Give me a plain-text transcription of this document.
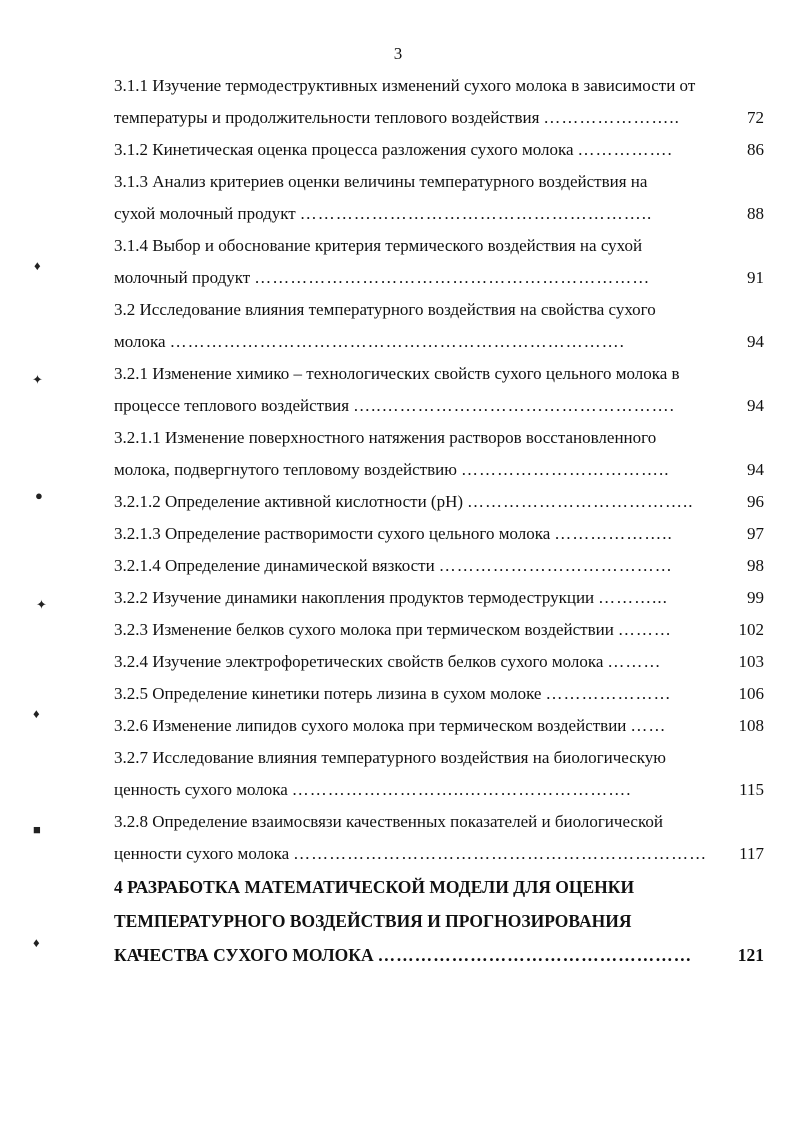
3
3.1.1 Изучение термодеструктивных изменений сухого молока в зависимости от
температуры и продолжительности теплового воздействия …………………..	72
3.1.2 Кинетическая оценка процесса разложения сухого молока …………….	86
3.1.3 Анализ критериев оценки величины температурного воздействия на
сухой молочный продукт …………………………………………………..	88
3.1.4 Выбор и обоснование критерия термического воздействия на сухой
молочный продукт …………………………………………………………	91
3.2 Исследование влияния температурного воздействия на свойства сухого
молока ………………………………………………………………….	94
3.2.1 Изменение химико – технологических свойств сухого цельного молока в
процессе теплового воздействия …..………………………………………….	94
3.2.1.1 Изменение поверхностного натяжения растворов восстановленного
молока, подвергнутого тепловому воздействию ……………………………..	94
3.2.1.2 Определение активной кислотности (pH) ………………………………..	96
3.2.1.3 Определение растворимости сухого цельного молока ………………..	97
3.2.1.4 Определение динамической вязкости …………………………………	98
3.2.2 Изучение динамики накопления продуктов термодеструкции ………...	99
3.2.3 Изменение белков сухого молока при термическом воздействии ………	102
3.2.4 Изучение электрофоретических свойств белков сухого молока ………	103
3.2.5 Определение кинетики потерь лизина в сухом молоке …………………	106
3.2.6 Изменение липидов сухого молока при термическом воздействии ……	108
3.2.7 Исследование влияния температурного воздействия на биологическую
ценность сухого молока ………………………..……………………….	115
3.2.8 Определение взаимосвязи качественных показателей и биологической
ценности сухого молока ……………………………………………………………	117
4 РАЗРАБОТКА МАТЕМАТИЧЕСКОЙ МОДЕЛИ ДЛЯ ОЦЕНКИ
ТЕМПЕРАТУРНОГО ВОЗДЕЙСТВИЯ И ПРОГНОЗИРОВАНИЯ
КАЧЕСТВА СУХОГО МОЛОКА ……………………………………………	121
♦
✦
●
✦
♦
■
♦
